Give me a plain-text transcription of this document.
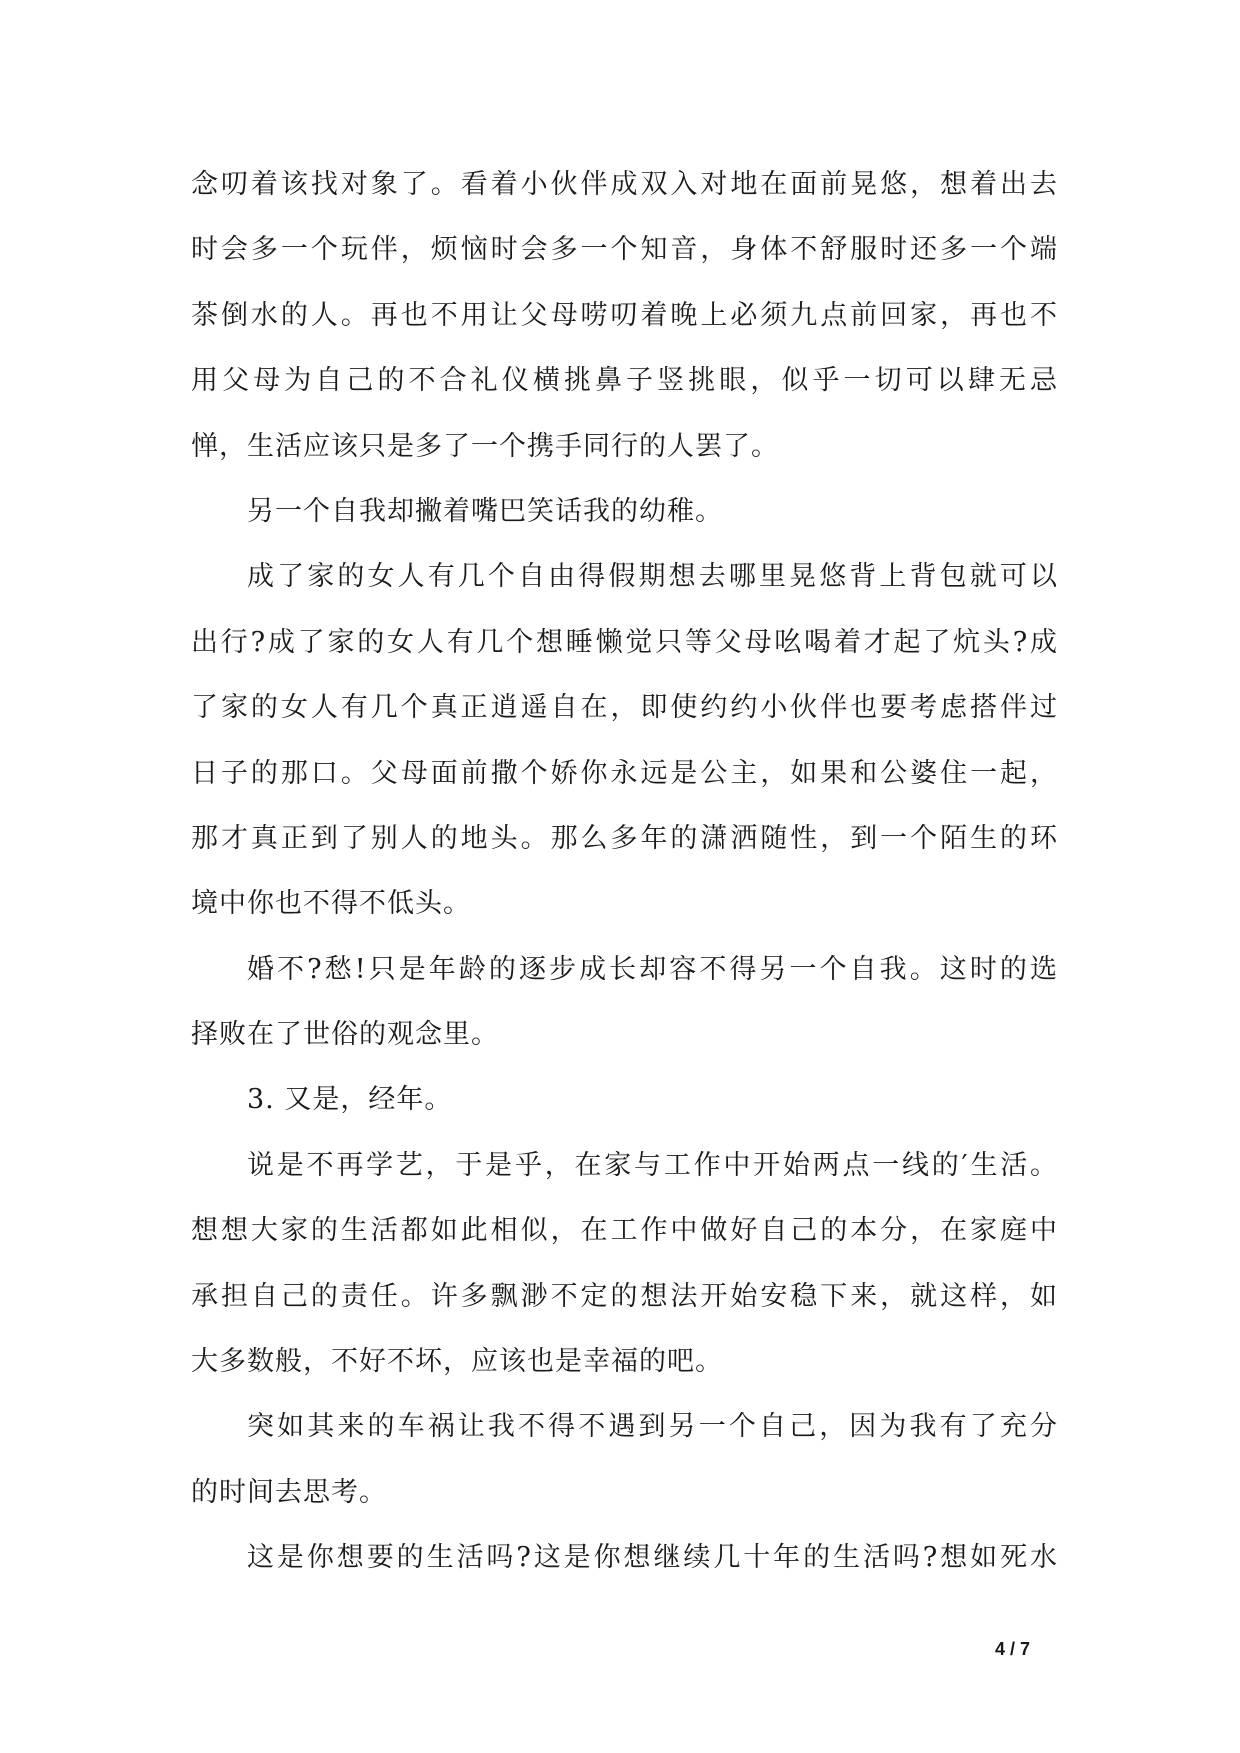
念叨着该找对象了。看着小伙伴成双入对地在面前晃悠，想着出去
时会多一个玩伴，烦恼时会多一个知音，身体不舒服时还多一个端
茶倒水的人。再也不用让父母唠叨着晚上必须九点前回家，再也不
用父母为自己的不合礼仪横挑鼻子竖挑眼，似乎一切可以肆无忌
惮，生活应该只是多了一个携手同行的人罢了。
另一个自我却撇着嘴巴笑话我的幼稚。
成了家的女人有几个自由得假期想去哪里晃悠背上背包就可以
出行?成了家的女人有几个想睡懒觉只等父母吆喝着才起了炕头?成
了家的女人有几个真正逍遥自在，即使约约小伙伴也要考虑搭伴过
日子的那口。父母面前撒个娇你永远是公主，如果和公婆住一起，
那才真正到了别人的地头。那么多年的潇洒随性，到一个陌生的环
境中你也不得不低头。
婚不?愁!只是年龄的逐步成长却容不得另一个自我。这时的选
择败在了世俗的观念里。
3. 又是，经年。
说是不再学艺，于是乎，在家与工作中开始两点一线的′生活。
想想大家的生活都如此相似，在工作中做好自己的本分，在家庭中
承担自己的责任。许多飘渺不定的想法开始安稳下来，就这样，如
大多数般，不好不坏，应该也是幸福的吧。
突如其来的车祸让我不得不遇到另一个自己，因为我有了充分
的时间去思考。
这是你想要的生活吗?这是你想继续几十年的生活吗?想如死水
4 / 7
